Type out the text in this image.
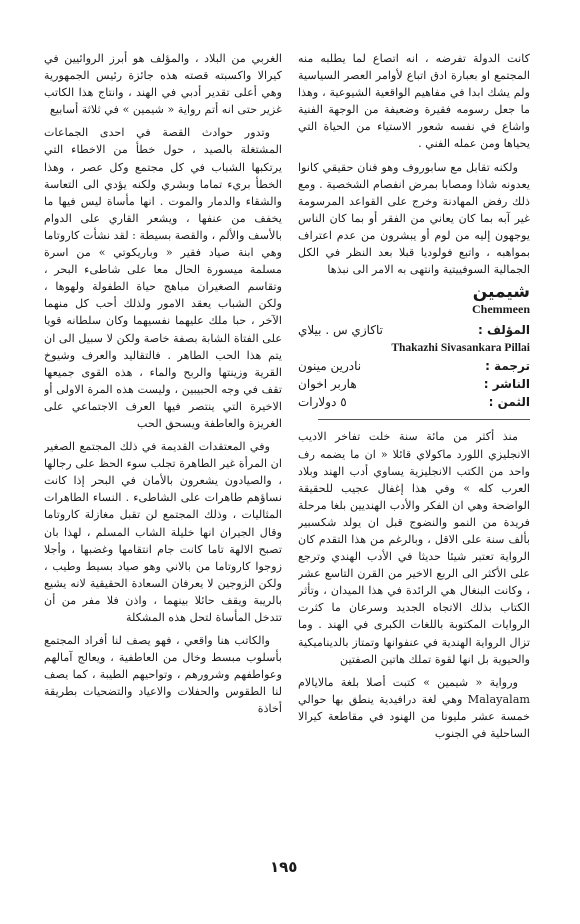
كانت الدولة تفرضه ، انه اتصاع لما يطلبه منه المجتمع او بعبارة ادق اتباع لأوامر العصر السياسية ولم يشك ابدا في مفاهيم الواقعية الشيوعية ، وهذا ما جعل رسومه فقيرة وضعيفة من الوجهة الفنية واشاع في نفسه شعور الاستياء من الحياة التي يحياها ومن عمله الفني .

ولكنه تقابل مع سابوروف وهو فنان حقيقي كانوا يعدونه شاذا ومصابا بمرض انفصام الشخصية . ومع ذلك رفض المهادنة وخرج على القواعد المرسومة غير آبه بما كان يعاني من الفقر أو بما كان الناس يوجهون إليه من لوم أو يبشرون من عدم اعتراف بمواهبه ، واتبع فولوديا قبلا بعد النظر في الكل الجمالية السوفييتية وانتهى به الامر الى نبذها

شيمين
Chemmeen
المؤلف :
تاكازي س . بيلاي
Thakazhi Sivasankara Pillai
ترجمة :
نادرين مينون
الناشر :
هاربر اخوان
الثمن :
٥ دولارات

منذ أكثر من مائة سنة خلت تفاخر الاديب الانجليزي اللورد ماكولاي قائلا « ان ما يضمه رف واحد من الكتب الانجليزية يساوي أدب الهند وبلاد العرب كله » وفي هذا إغفال عجيب للحقيقة الواضحة وهي ان الفكر والأدب الهنديين بلغا مرحلة فريدة من النمو والنضوج قبل ان يولد شكسبير بألف سنة على الاقل ، وبالرغم من هذا التقدم كان الرواية تعتبر شيئا حديثا في الأدب الهندي وترجع على الأكثر الى الربع الاخير من القرن التاسع عشر ، وكانت البنغال هي الرائدة في هذا الميدان ، وتأثر الكتاب بذلك الاتجاه الجديد وسرعان ما كثرت الروايات المكتوبة باللغات الكبرى في الهند . وما تزال الرواية الهندية في عنفوانها وتمتاز بالديناميكية والحيوية بل انها لقوة تملك هاتين الصفتين

ورواية « شيمين » كتبت أصلا بلغة مالايالام Malayalam وهي لغة درافيدية ينطق بها حوالي خمسة عشر مليونا من الهنود في مقاطعة كيرالا الساحلية في الجنوب

الغربي من البلاد ، والمؤلف هو أبرز الروائيين في كيرالا واكسبته قصته هذه جائزة رئيس الجمهورية وهي أعلى تقدير أدبي في الهند ، وانتاج هذا الكاتب غزير حتى انه أتم رواية « شيمين » في ثلاثة أسابيع

وتدور حوادث القصة في احدى الجماعات المشتغلة بالصيد ، حول خطأ من الاخطاء التي يرتكبها الشباب في كل مجتمع وكل عصر ، وهذا الخطأ بريء تماما وبشري ولكنه يؤدي الى التعاسة والشقاء والدمار والموت . انها مأساة ليس فيها ما يخفف من عنفها ، ويشعر القاري على الدوام بالأسف والألم ، والقصة بسيطة : لقد نشأت كاروتاما وهي ابنة صياد فقير « وباريكوتي » من اسرة مسلمة ميسورة الحال معا على شاطىء البحر ، وتقاسم الصغيران مباهج حياة الطفولة ولهوها ، ولكن الشباب يعقد الامور ولذلك أحب كل منهما الآخر ، حبا ملك عليهما نفسيهما وكان سلطانه قويا على الفتاة الشابة بصفة خاصة ولكن لا سبيل الى ان يتم هذا الحب الطاهر . فالتقاليد والعرف وشيوخ القرية وزينتها والربح والماء ، هذه القوى جميعها تقف في وجه الحبيبين ، وليست هذه المرة الاولى أو الاخيرة التي ينتصر فيها العرف الاجتماعي على الغريزة والعاطفة ويسحق الحب

وفي المعتقدات القديمة في ذلك المجتمع الصغير ان المرأة غير الطاهرة تجلب سوء الحظ على رجالها ، والصيادون يشعرون بالأمان في البحر إذا كانت نساؤهم طاهرات على الشاطىء . النساء الطاهرات المثاليات ، وذلك المجتمع لن تقبل مغازلة كاروتاما وقال الجيران انها خليلة الشاب المسلم ، لهذا بان تصبح الالهة تاما كانت جام انتقامها وغضبها ، وأجلا زوجوا كاروتاما من بالاني وهو صياد بسيط وطيب ، ولكن الزوجين لا يعرفان السعادة الحقيقية لانه يشيع بالريبة ويقف حائلا بينهما ، واذن فلا مفر من أن تتدخل المأساة لتحل هذه المشكلة

والكاتب هنا واقعي ، فهو يصف لنا أفراد المجتمع بأسلوب مبسط وخال من العاطفية ، ويعالج آمالهم وعواطفهم وشرورهم ، وتواحيهم الطيبة ، كما يصف لنا الطقوس والحفلات والاعياد والتضحيات بطريقة أخاذة

١٩٥
